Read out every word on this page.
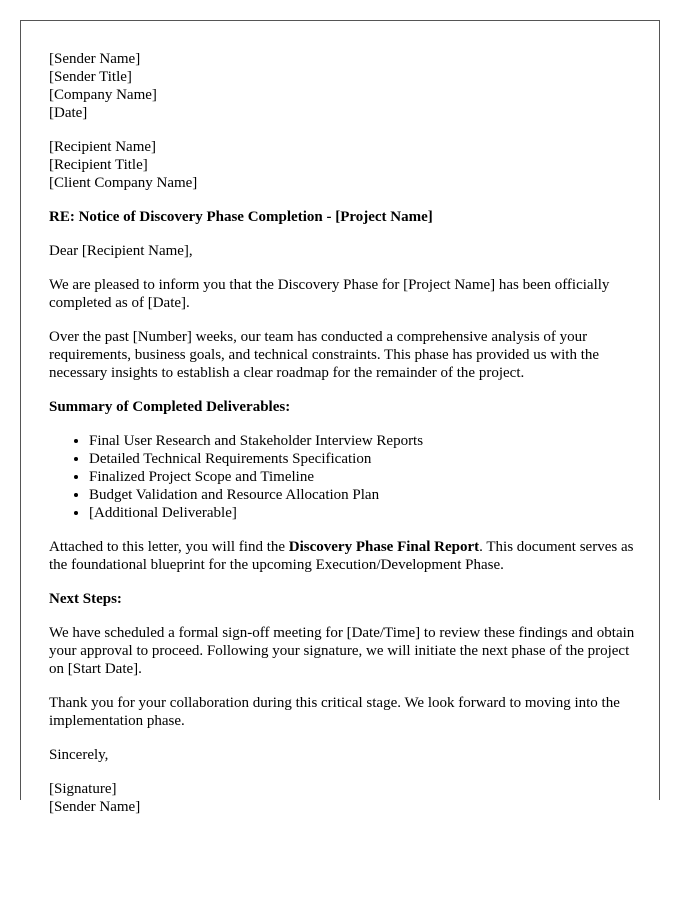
[Sender Name]
[Sender Title]
[Company Name]
[Date]
[Recipient Name]
[Recipient Title]
[Client Company Name]

RE: Notice of Discovery Phase Completion - [Project Name]

Dear [Recipient Name],

We are pleased to inform you that the Discovery Phase for [Project Name] has been officially completed as of [Date].

Over the past [Number] weeks, our team has conducted a comprehensive analysis of your requirements, business goals, and technical constraints. This phase has provided us with the necessary insights to establish a clear roadmap for the remainder of the project.

Summary of Completed Deliverables:

• Final User Research and Stakeholder Interview Reports
• Detailed Technical Requirements Specification
• Finalized Project Scope and Timeline
• Budget Validation and Resource Allocation Plan
• [Additional Deliverable]

Attached to this letter, you will find the Discovery Phase Final Report. This document serves as the foundational blueprint for the upcoming Execution/Development Phase.

Next Steps:

We have scheduled a formal sign-off meeting for [Date/Time] to review these findings and obtain your approval to proceed. Following your signature, we will initiate the next phase of the project on [Start Date].

Thank you for your collaboration during this critical stage. We look forward to moving into the implementation phase.

Sincerely,

[Signature]
[Sender Name]
